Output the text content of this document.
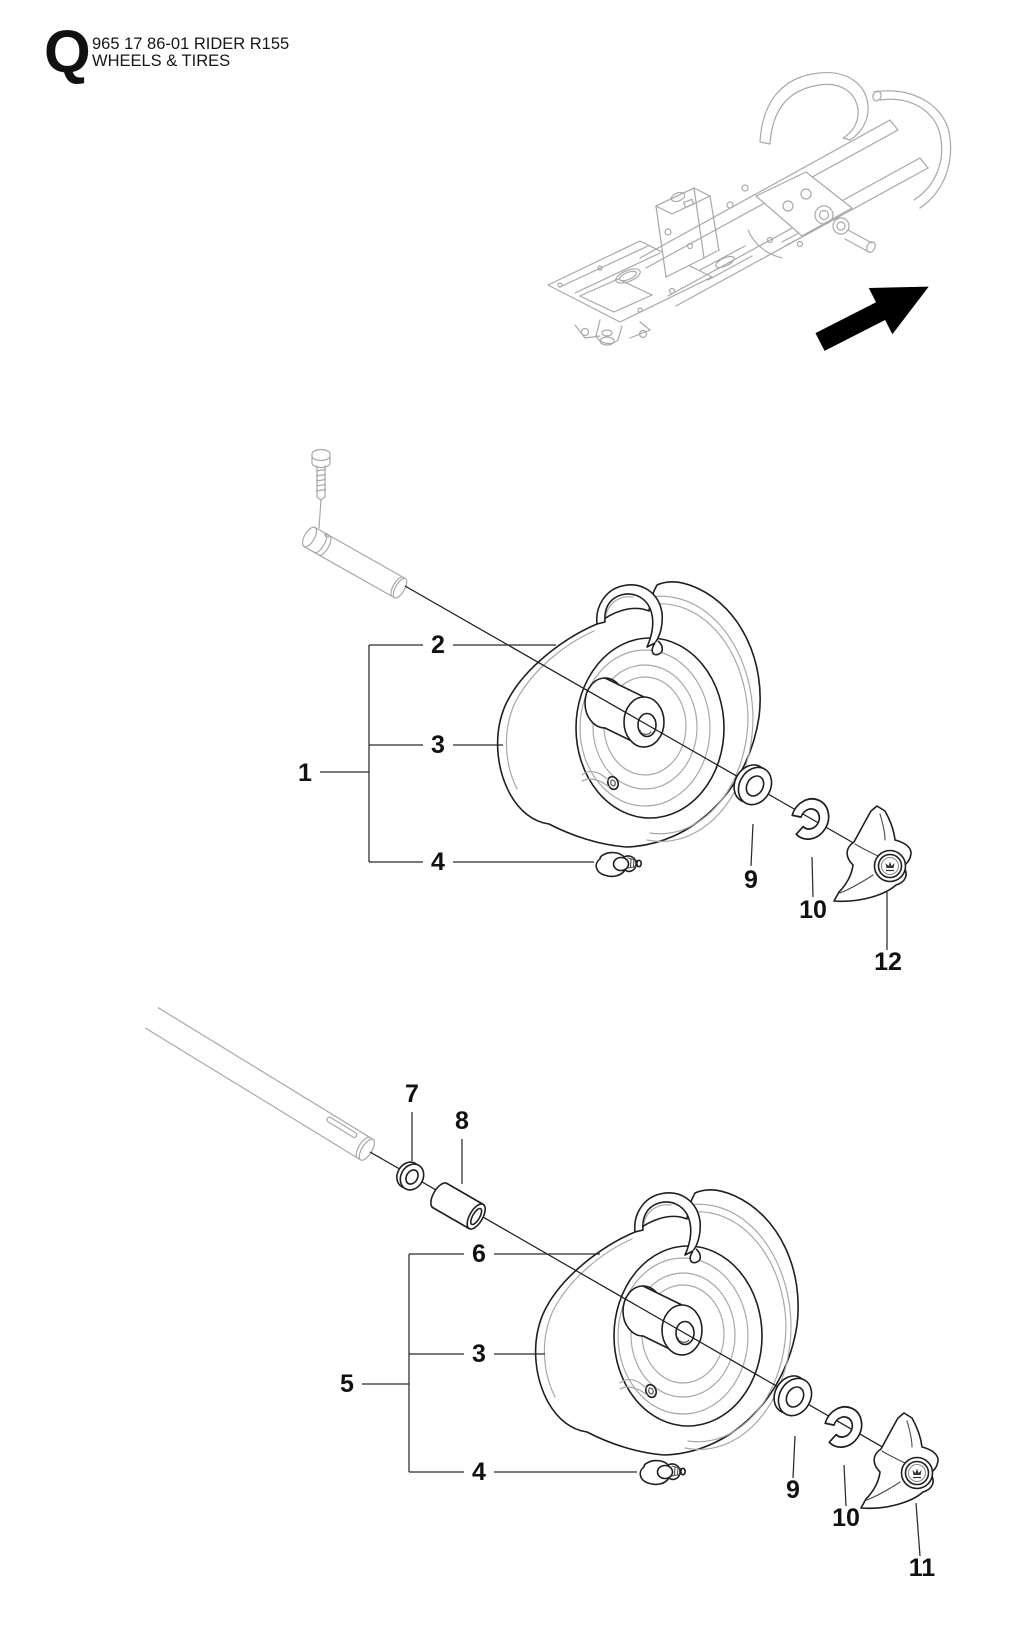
Q 965 17 86-01 RIDER R155
WHEELS & TIRES
1
2
3
4
9
10
12
7
8
6
3
5
4
9
10
11
